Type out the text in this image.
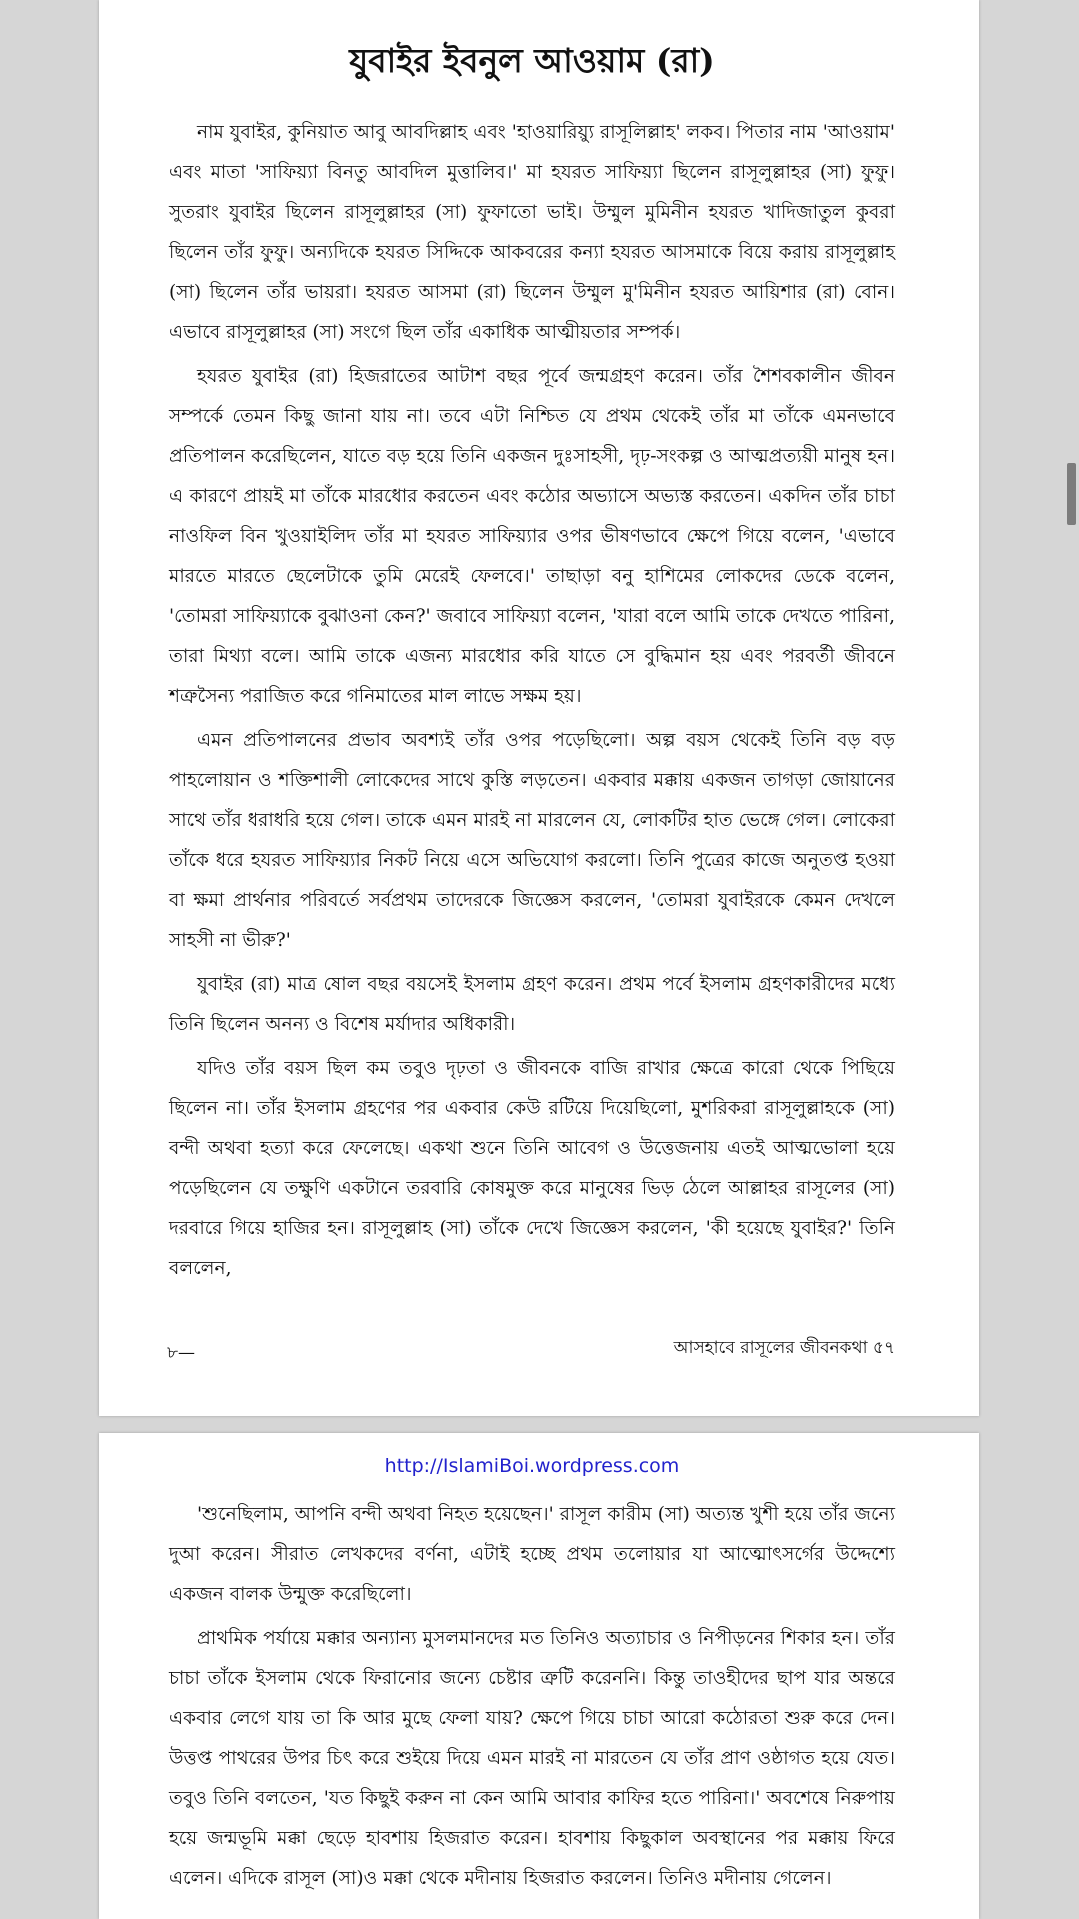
যুবাইর ইবনুল আওয়াম (রা)

নাম যুবাইর, কুনিয়াত আবু আবদিল্লাহ এবং 'হাওয়ারিয়্যু রাসূলিল্লাহ' লকব। পিতার নাম 'আওয়াম' এবং মাতা 'সাফিয়্যা বিনতু আবদিল মুত্তালিব।' মা হযরত সাফিয়্যা ছিলেন রাসূলুল্লাহর (সা) ফুফু। সুতরাং যুবাইর ছিলেন রাসূলুল্লাহর (সা) ফুফাতো ভাই। উম্মুল মুমিনীন হযরত খাদিজাতুল কুবরা ছিলেন তাঁর ফুফু। অন্যদিকে হযরত সিদ্দিকে আকবরের কন্যা হযরত আসমাকে বিয়ে করায় রাসূলুল্লাহ (সা) ছিলেন তাঁর ভায়রা। হযরত আসমা (রা) ছিলেন উম্মুল মু'মিনীন হযরত আয়িশার (রা) বোন। এভাবে রাসূলুল্লাহর (সা) সংগে ছিল তাঁর একাধিক আত্মীয়তার সম্পর্ক।

হযরত যুবাইর (রা) হিজরাতের আটাশ বছর পূর্বে জন্মগ্রহণ করেন। তাঁর শৈশবকালীন জীবন সম্পর্কে তেমন কিছু জানা যায় না। তবে এটা নিশ্চিত যে প্রথম থেকেই তাঁর মা তাঁকে এমনভাবে প্রতিপালন করেছিলেন, যাতে বড় হয়ে তিনি একজন দুঃসাহসী, দৃঢ়-সংকল্প ও আত্মপ্রত্যয়ী মানুষ হন। এ কারণে প্রায়ই মা তাঁকে মারধোর করতেন এবং কঠোর অভ্যাসে অভ্যস্ত করতেন। একদিন তাঁর চাচা নাওফিল বিন খুওয়াইলিদ তাঁর মা হযরত সাফিয়্যার ওপর ভীষণভাবে ক্ষেপে গিয়ে বলেন, 'এভাবে মারতে মারতে ছেলেটাকে তুমি মেরেই ফেলবে।' তাছাড়া বনু হাশিমের লোকদের ডেকে বলেন, 'তোমরা সাফিয়্যাকে বুঝাওনা কেন?' জবাবে সাফিয়্যা বলেন, 'যারা বলে আমি তাকে দেখতে পারিনা, তারা মিথ্যা বলে। আমি তাকে এজন্য মারধোর করি যাতে সে বুদ্ধিমান হয় এবং পরবর্তী জীবনে শত্রুসৈন্য পরাজিত করে গনিমাতের মাল লাভে সক্ষম হয়।

এমন প্রতিপালনের প্রভাব অবশ্যই তাঁর ওপর পড়েছিলো। অল্প বয়স থেকেই তিনি বড় বড় পাহলোয়ান ও শক্তিশালী লোকেদের সাথে কুস্তি লড়তেন। একবার মক্কায় একজন তাগড়া জোয়ানের সাথে তাঁর ধরাধরি হয়ে গেল। তাকে এমন মারই না মারলেন যে, লোকটির হাত ভেঙ্গে গেল। লোকেরা তাঁকে ধরে হযরত সাফিয়্যার নিকট নিয়ে এসে অভিযোগ করলো। তিনি পুত্রের কাজে অনুতপ্ত হওয়া বা ক্ষমা প্রার্থনার পরিবর্তে সর্বপ্রথম তাদেরকে জিজ্ঞেস করলেন, 'তোমরা যুবাইরকে কেমন দেখলে সাহসী না ভীরু?'

যুবাইর (রা) মাত্র ষোল বছর বয়সেই ইসলাম গ্রহণ করেন। প্রথম পর্বে ইসলাম গ্রহণকারীদের মধ্যে তিনি ছিলেন অনন্য ও বিশেষ মর্যাদার অধিকারী।

যদিও তাঁর বয়স ছিল কম তবুও দৃঢ়তা ও জীবনকে বাজি রাখার ক্ষেত্রে কারো থেকে পিছিয়ে ছিলেন না। তাঁর ইসলাম গ্রহণের পর একবার কেউ রটিয়ে দিয়েছিলো, মুশরিকরা রাসূলুল্লাহকে (সা) বন্দী অথবা হত্যা করে ফেলেছে। একথা শুনে তিনি আবেগ ও উত্তেজনায় এতই আত্মভোলা হয়ে পড়েছিলেন যে তক্ষুণি একটানে তরবারি কোষমুক্ত করে মানুষের ভিড় ঠেলে আল্লাহর রাসূলের (সা) দরবারে গিয়ে হাজির হন। রাসূলুল্লাহ (সা) তাঁকে দেখে জিজ্ঞেস করলেন, 'কী হয়েছে যুবাইর?' তিনি বললেন,

আসহাবে রাসূলের জীবনকথা ৫৭
৮—
http://IslamiBoi.wordpress.com

'শুনেছিলাম, আপনি বন্দী অথবা নিহত হয়েছেন।' রাসূল কারীম (সা) অত্যন্ত খুশী হয়ে তাঁর জন্যে দুআ করেন। সীরাত লেখকদের বর্ণনা, এটাই হচ্ছে প্রথম তলোয়ার যা আত্মোৎসর্গের উদ্দেশ্যে একজন বালক উন্মুক্ত করেছিলো।

প্রাথমিক পর্যায়ে মক্কার অন্যান্য মুসলমানদের মত তিনিও অত্যাচার ও নিপীড়নের শিকার হন। তাঁর চাচা তাঁকে ইসলাম থেকে ফিরানোর জন্যে চেষ্টার ত্রুটি করেননি। কিন্তু তাওহীদের ছাপ যার অন্তরে একবার লেগে যায় তা কি আর মুছে ফেলা যায়? ক্ষেপে গিয়ে চাচা আরো কঠোরতা শুরু করে দেন। উত্তপ্ত পাথরের উপর চিৎ করে শুইয়ে দিয়ে এমন মারই না মারতেন যে তাঁর প্রাণ ওষ্ঠাগত হয়ে যেত। তবুও তিনি বলতেন, 'যত কিছুই করুন না কেন আমি আবার কাফির হতে পারিনা।' অবশেষে নিরুপায় হয়ে জন্মভূমি মক্কা ছেড়ে হাবশায় হিজরাত করেন। হাবশায় কিছুকাল অবস্থানের পর মক্কায় ফিরে এলেন। এদিকে রাসূল (সা)ও মক্কা থেকে মদীনায় হিজরাত করলেন। তিনিও মদীনায় গেলেন।
